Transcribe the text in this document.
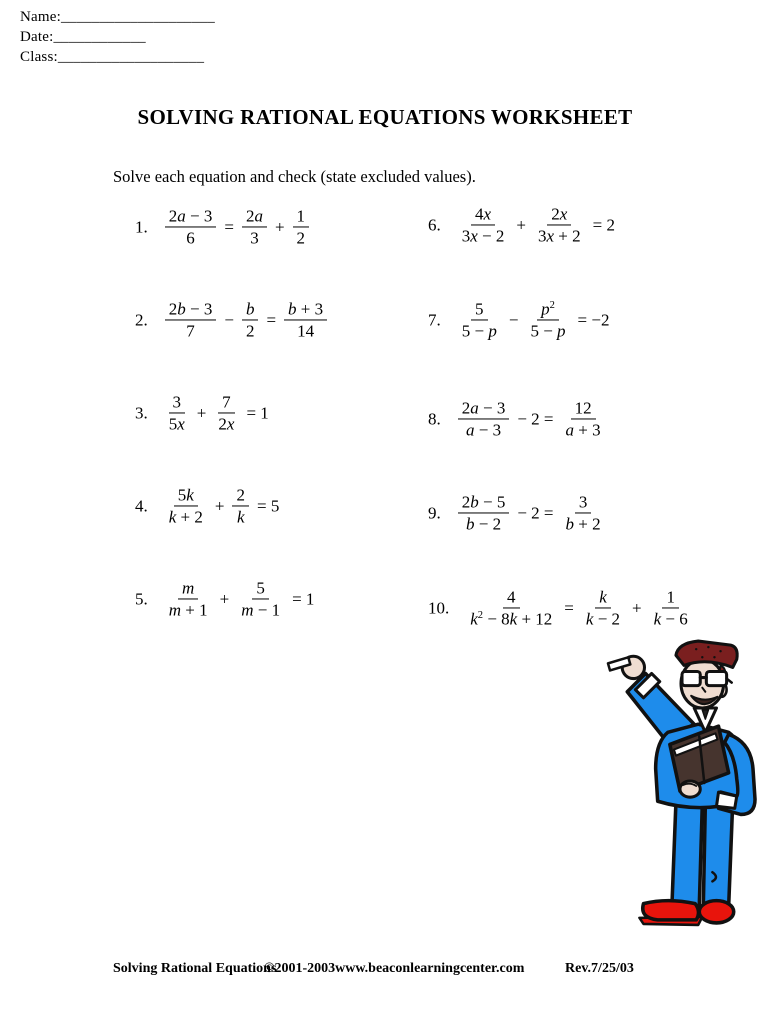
Name:____________________
Date:____________
Class:___________________
SOLVING RATIONAL EQUATIONS WORKSHEET

Solve each equation and check (state excluded values).

1. $\frac{2a - 3}{6} = \frac{2a}{3} + \frac{1}{2}$
2. $\frac{2b - 3}{7} - \frac{b}{2} = \frac{b + 3}{14}$
3. $\frac{3}{5x} + \frac{7}{2x} = 1$
4. $\frac{5k}{k + 2} + \frac{2}{k} = 5$
5. $\frac{m}{m + 1} + \frac{5}{m - 1} = 1$
6. $\frac{4x}{3x - 2} + \frac{2x}{3x + 2} = 2$
7. $\frac{5}{5 - p} - \frac{p^2}{5 - p} = -2$
8. $\frac{2a - 3}{a - 3} - 2 = \frac{12}{a + 3}$
9. $\frac{2b - 5}{b - 2} - 2 = \frac{3}{b + 2}$
10. $\frac{4}{k^2 - 8k + 12} = \frac{k}{k - 2} + \frac{1}{k - 6}$
Solving Rational Equations
©2001-2003www.beaconlearningcenter.com	Rev.7/25/03
